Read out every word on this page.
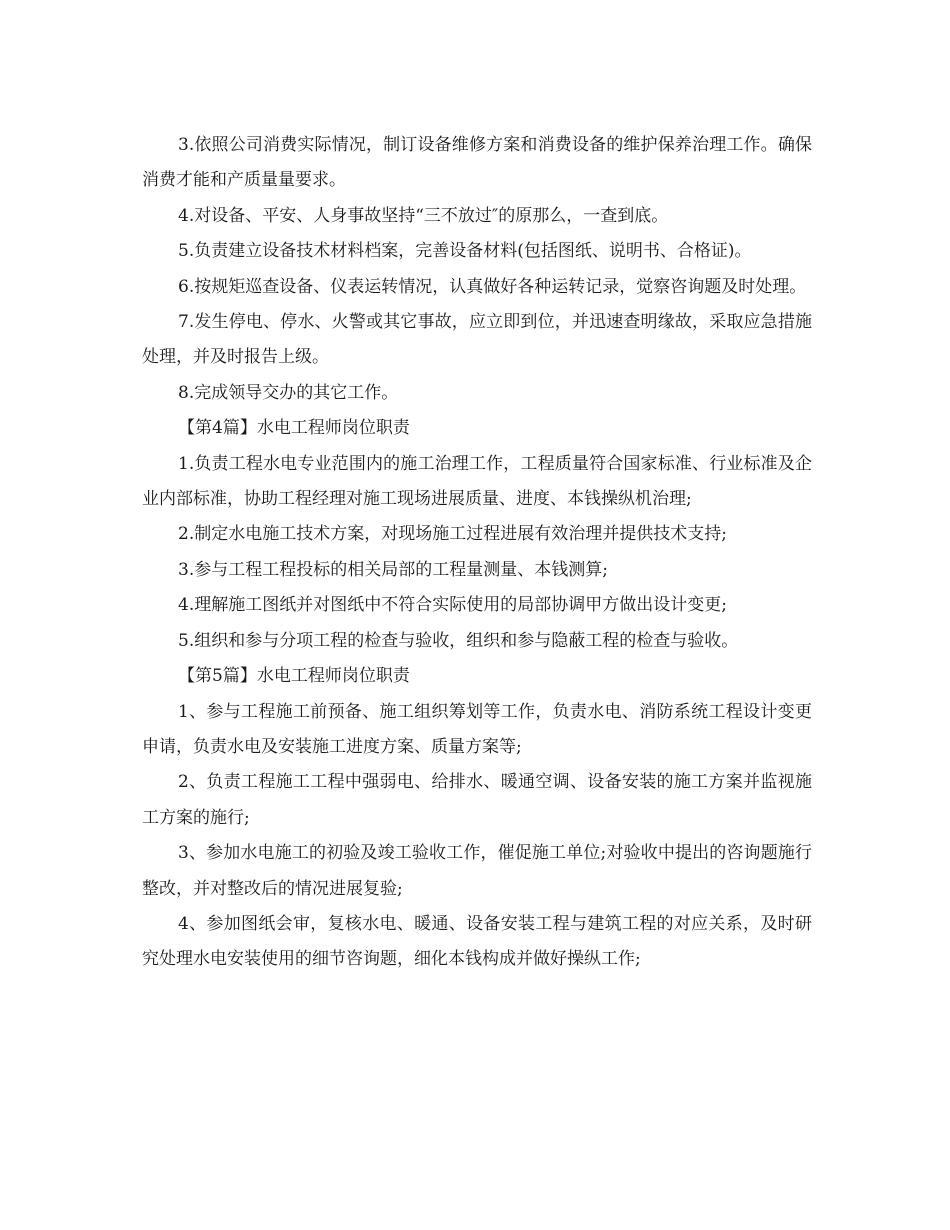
3.依照公司消费实际情况，制订设备维修方案和消费设备的维护保养治理工作。确保消费才能和产质量量要求。

4.对设备、平安、人身事故坚持“三不放过″的原那么，一查到底。

5.负责建立设备技术材料档案，完善设备材料(包括图纸、说明书、合格证)。

6.按规矩巡查设备、仪表运转情况，认真做好各种运转记录，觉察咨询题及时处理。

7.发生停电、停水、火警或其它事故，应立即到位，并迅速查明缘故，采取应急措施处理，并及时报告上级。

8.完成领导交办的其它工作。

【第4篇】水电工程师岗位职责

1.负责工程水电专业范围内的施工治理工作，工程质量符合国家标准、行业标准及企业内部标准，协助工程经理对施工现场进展质量、进度、本钱操纵机治理;

2.制定水电施工技术方案，对现场施工过程进展有效治理并提供技术支持;

3.参与工程工程投标的相关局部的工程量测量、本钱测算;

4.理解施工图纸并对图纸中不符合实际使用的局部协调甲方做出设计变更;

5.组织和参与分项工程的检查与验收，组织和参与隐蔽工程的检查与验收。

【第5篇】水电工程师岗位职责

1、参与工程施工前预备、施工组织筹划等工作，负责水电、消防系统工程设计变更申请，负责水电及安装施工进度方案、质量方案等;

2、负责工程施工工程中强弱电、给排水、暖通空调、设备安装的施工方案并监视施工方案的施行;

3、参加水电施工的初验及竣工验收工作，催促施工单位;对验收中提出的咨询题施行整改，并对整改后的情况进展复验;

4、参加图纸会审，复核水电、暖通、设备安装工程与建筑工程的对应关系，及时研究处理水电安装使用的细节咨询题，细化本钱构成并做好操纵工作;
